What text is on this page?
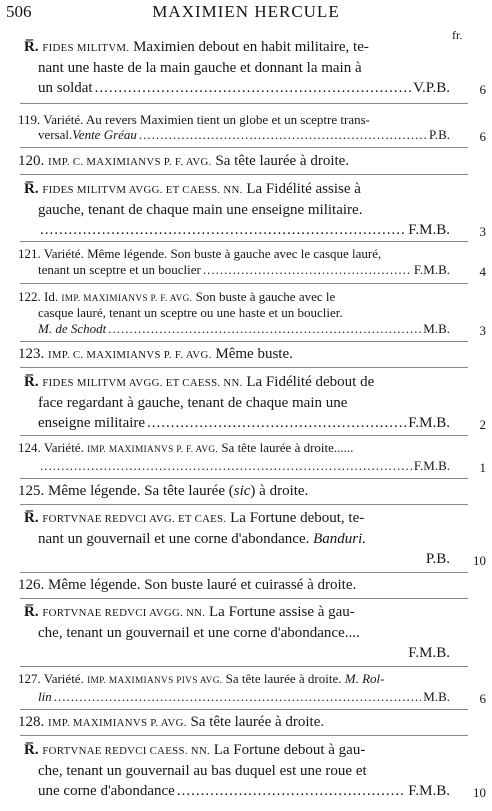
506	MAXIMIEN HERCULE
fr.
R̅. FIDES MILITVM. Maximien debout en habit militaire, te-
nant une haste de la main gauche et donnant la main à
un soldat .....	V.P.B.	6
119. Variété. Au revers Maximien tient un globe et un sceptre trans-
versal. Vente Gréau .....	P.B.	6
120. IMP. C. MAXIMIANVS P. F. AVG. Sa tête laurée à droite.
R̅. FIDES MILITVM AVGG. ET CAESS. NN. La Fidélité assise à
gauche, tenant de chaque main une enseigne militaire.
.....
F.M.B.	3
121. Variété. Même légende. Son buste à gauche avec le casque lauré,
tenant un sceptre et un bouclier .....	F.M.B.	4
122. Id. IMP. MAXIMIANVS P. F. AVG. Son buste à gauche avec le
casque lauré, tenant un sceptre ou une haste et un bouclier.
M. de Schodt .....	M.B.	3
123. IMP. C. MAXIMIANVS P. F. AVG. Même buste.
R̅. FIDES MILITVM AVGG. ET CAESS. NN. La Fidélité debout de
face regardant à gauche, tenant de chaque main une
enseigne militaire .....	F.M.B.	2
124. Variété. IMP. MAXIMIANVS P. F. AVG. Sa tête laurée à droite......
.....
F.M.B.	1
125. Même légende. Sa tête laurée (sic) à droite.
R̅. FORTVNAE REDVCI AVG. ET CAES. La Fortune debout, te-
nant un gouvernail et une corne d'abondance. Banduri.
P.B.	10
126. Même légende. Son buste lauré et cuirassé à droite.
R̅. FORTVNAE REDVCI AVGG. NN. La Fortune assise à gau-
che, tenant un gouvernail et une corne d'abondance....
F.M.B.
127. Variété. IMP. MAXIMIANVS PIVS AVG. Sa tête laurée à droite. M. Rol-
lin .....	M.B.	6
128. IMP. MAXIMIANVS P. AVG. Sa tête laurée à droite.
R̅. FORTVNAE REDVCI CAESS. NN. La Fortune debout à gau-
che, tenant un gouvernail au bas duquel est une roue et
une corne d'abondance .....	F.M.B.	10
